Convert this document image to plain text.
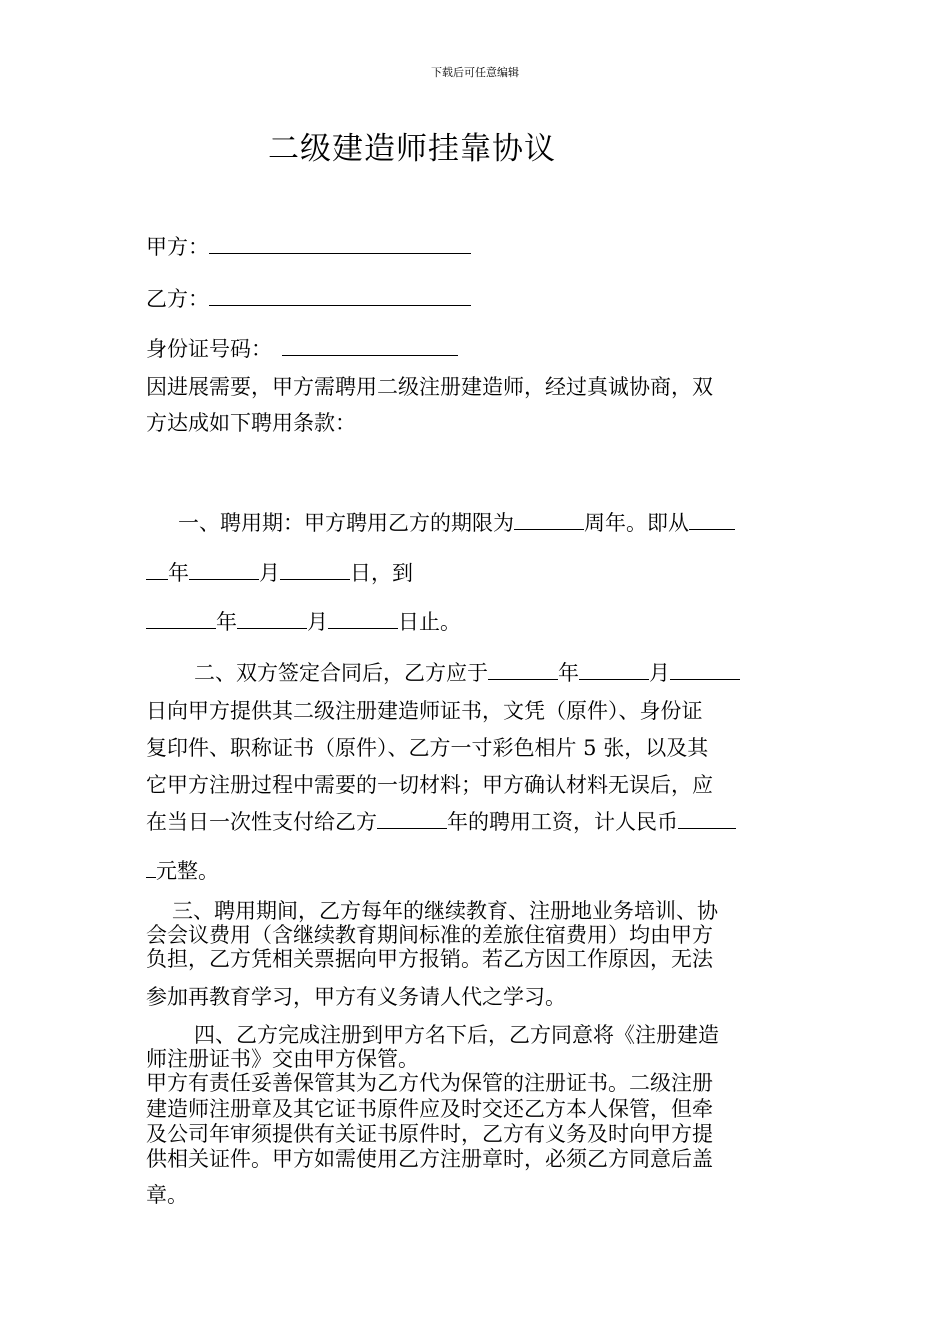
下载后可任意编辑
二级建造师挂靠协议
甲方：
乙方：
身份证号码：
因进展需要，甲方需聘用二级注册建造师，经过真诚协商，双
方达成如下聘用条款：
一、聘用期：甲方聘用乙方的期限为	周年。即从
年	月	日，到
年	月	日止。
二、双方签定合同后，乙方应于	年	月
日向甲方提供其二级注册建造师证书，文凭（原件）、身份证
复印件、职称证书（原件）、乙方一寸彩色相片 5 张，以及其
它甲方注册过程中需要的一切材料；甲方确认材料无误后，应
在当日一次性支付给乙方	年的聘用工资，计人民币
元整。
三、聘用期间，乙方每年的继续教育、注册地业务培训、协
会会议费用（含继续教育期间标准的差旅住宿费用）均由甲方
负担，乙方凭相关票据向甲方报销。若乙方因工作原因，无法
参加再教育学习，甲方有义务请人代之学习。
四、乙方完成注册到甲方名下后，乙方同意将《注册建造
师注册证书》交由甲方保管。
甲方有责任妥善保管其为乙方代为保管的注册证书。二级注册
建造师注册章及其它证书原件应及时交还乙方本人保管，但牵
及公司年审须提供有关证书原件时，乙方有义务及时向甲方提
供相关证件。甲方如需使用乙方注册章时，必须乙方同意后盖
章。
